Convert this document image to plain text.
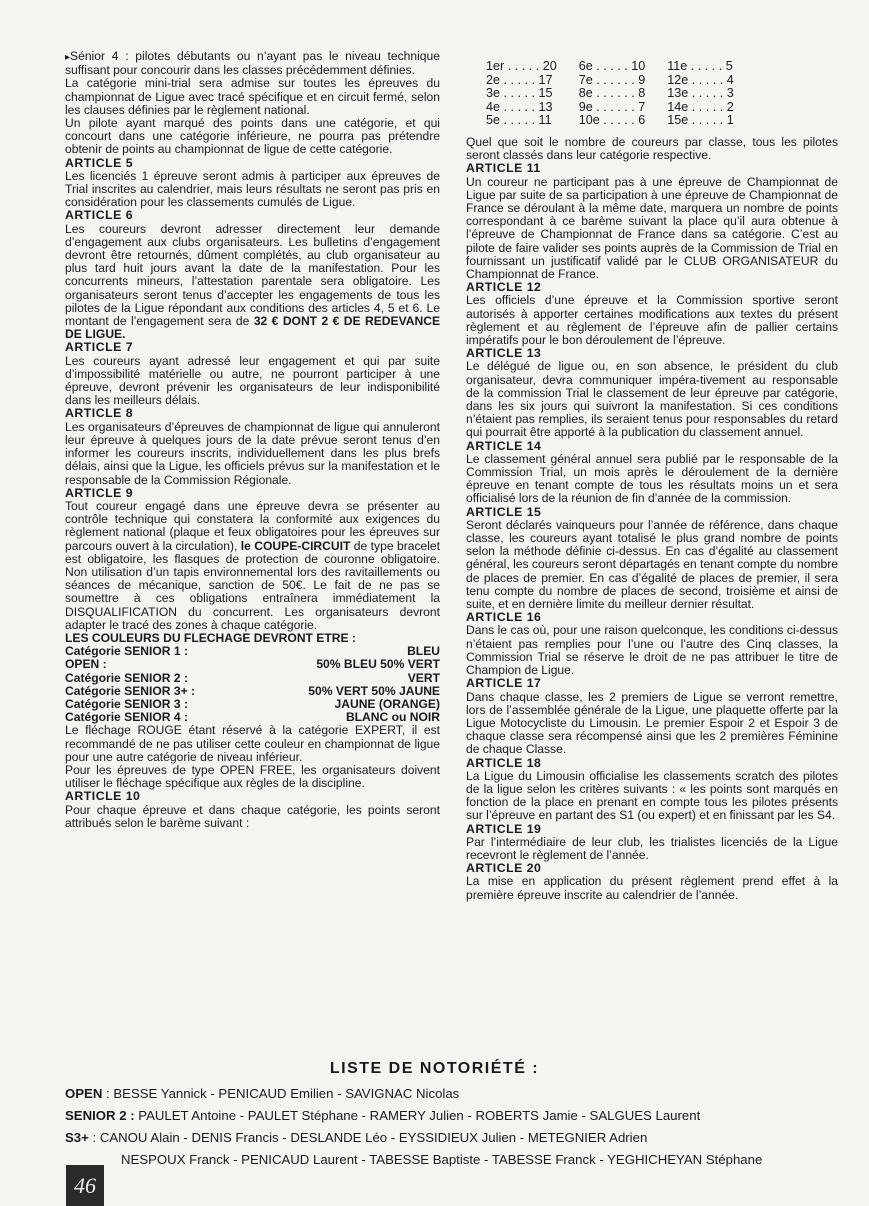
▸ Sénior 4 : pilotes débutants ou n’ayant pas le niveau technique suffisant pour concourir dans les classes précédemment définies.

La catégorie mini-trial sera admise sur toutes les épreuves du championnat de Ligue avec tracé spécifique et en circuit fermé, selon les clauses définies par le règlement national.

Un pilote ayant marqué des points dans une catégorie, et qui concourt dans une catégorie inférieure, ne pourra pas prétendre obtenir de points au championnat de ligue de cette catégorie.

ARTICLE 5

Les licenciés 1 épreuve seront admis à participer aux épreuves de Trial inscrites au calendrier, mais leurs résultats ne seront pas pris en considération pour les classements cumulés de Ligue.

ARTICLE 6

Les coureurs devront adresser directement leur demande d’engagement aux clubs organisateurs. Les bulletins d’engagement devront être retournés, dûment complétés, au club organisateur au plus tard huit jours avant la date de la manifestation. Pour les concurrents mineurs, l’attestation parentale sera obligatoire. Les organisateurs seront tenus d’accepter les engagements de tous les pilotes de la Ligue répondant aux conditions des articles 4, 5 et 6. Le montant de l’engagement sera de 32 € DONT 2 € DE REDEVANCE DE LIGUE.

ARTICLE 7

Les coureurs ayant adressé leur engagement et qui par suite d’impossibilité matérielle ou autre, ne pourront participer à une épreuve, devront prévenir les organisateurs de leur indisponibilité dans les meilleurs délais.

ARTICLE 8

Les organisateurs d’épreuves de championnat de ligue qui annuleront leur épreuve à quelques jours de la date prévue seront tenus d’en informer les coureurs inscrits, individuellement dans les plus brefs délais, ainsi que la Ligue, les officiels prévus sur la manifestation et le responsable de la Commission Régionale.

ARTICLE 9

Tout coureur engagé dans une épreuve devra se présenter au contrôle technique qui constatera la conformité aux exigences du règlement national (plaque et feux obligatoires pour les épreuves sur parcours ouvert à la circulation), le COUPE-CIRCUIT de type bracelet est obligatoire, les flasques de protection de couronne obligatoire. Non utilisation d’un tapis environnemental lors des ravitaillements ou séances de mécanique, sanction de 50€. Le fait de ne pas se soumettre à ces obligations entraînera immédiatement la DISQUALIFICATION du concurrent. Les organisateurs devront adapter le tracé des zones à chaque catégorie.

LES COULEURS DU FLECHAGE DEVRONT ETRE :

Catégorie SENIOR 1 :	BLEU
OPEN :	50% BLEU 50% VERT
Catégorie SENIOR 2 :	VERT
Catégorie SENIOR 3+ :	50% VERT 50% JAUNE
Catégorie SENIOR 3 :	JAUNE (ORANGE)
Catégorie SENIOR 4 :	BLANC ou NOIR

Le fléchage ROUGE étant réservé à la catégorie EXPERT, il est recommandé de ne pas utiliser cette couleur en championnat de ligue pour une autre catégorie de niveau inférieur.

Pour les épreuves de type OPEN FREE, les organisateurs doivent utiliser le fléchage spécifique aux règles de la discipline.

ARTICLE 10

Pour chaque épreuve et dans chaque catégorie, les points seront attribués selon le barème suivant :

1er . . . . . 20	6e . . . . . 10	11e . . . . . 5
2e . . . . . 17	7e . . . . . . 9	12e . . . . . 4
3e . . . . . 15	8e . . . . . . 8	13e . . . . . 3
4e . . . . . 13	9e . . . . . . 7	14e . . . . . 2
5e . . . . . 11	10e . . . . . 6	15e . . . . . 1

Quel que soit le nombre de coureurs par classe, tous les pilotes seront classés dans leur catégorie respective.

ARTICLE 11

Un coureur ne participant pas à une épreuve de Championnat de Ligue par suite de sa participation à une épreuve de Championnat de France se déroulant à la même date, marquera un nombre de points correspondant à ce barème suivant la place qu’il aura obtenue à l’épreuve de Championnat de France dans sa catégorie. C’est au pilote de faire valider ses points auprès de la Commission de Trial en fournissant un justificatif validé par le CLUB ORGANISATEUR du Championnat de France.

ARTICLE 12

Les officiels d’une épreuve et la Commission sportive seront autorisés à apporter certaines modifications aux textes du présent règlement et au règlement de l’épreuve afin de pallier certains impératifs pour le bon déroulement de l’épreuve.

ARTICLE 13

Le délégué de ligue ou, en son absence, le président du club organisateur, devra communiquer impéra-tivement au responsable de la commission Trial le classement de leur épreuve par catégorie, dans les six jours qui suivront la manifestation. Si ces conditions n’étaient pas remplies, ils seraient tenus pour responsables du retard qui pourrait être apporté à la publication du classement annuel.

ARTICLE 14

Le classement général annuel sera publié par le responsable de la Commission Trial, un mois après le déroulement de la dernière épreuve en tenant compte de tous les résultats moins un et sera officialisé lors de la réunion de fin d’année de la commission.

ARTICLE 15

Seront déclarés vainqueurs pour l’année de référence, dans chaque classe, les coureurs ayant totalisé le plus grand nombre de points selon la méthode définie ci-dessus. En cas d’égalité au classement général, les coureurs seront départagés en tenant compte du nombre de places de premier. En cas d’égalité de places de premier, il sera tenu compte du nombre de places de second, troisième et ainsi de suite, et en dernière limite du meilleur dernier résultat.

ARTICLE 16

Dans le cas où, pour une raison quelconque, les conditions ci-dessus n’étaient pas remplies pour l’une ou l’autre des Cinq classes, la Commission Trial se réserve le droit de ne pas attribuer le titre de Champion de Ligue.

ARTICLE 17

Dans chaque classe, les 2 premiers de Ligue se verront remettre, lors de l’assemblée générale de la Ligue, une plaquette offerte par la Ligue Motocycliste du Limousin. Le premier Espoir 2 et Espoir 3 de chaque classe sera récompensé ainsi que les 2 premières Féminine de chaque Classe.

ARTICLE 18

La Ligue du Limousin officialise les classements scratch des pilotes de la ligue selon les critères suivants : « les points sont marqués en fonction de la place en prenant en compte tous les pilotes présents sur l’épreuve en partant des S1 (ou expert) et en finissant par les S4.

ARTICLE 19

Par l’intermédiaire de leur club, les trialistes licenciés de la Ligue recevront le règlement de l’année.

ARTICLE 20

La mise en application du présent règlement prend effet à la première épreuve inscrite au calendrier de l’année.

LISTE DE NOTORIÉTÉ :
OPEN : BESSE Yannick - PENICAUD Emilien - SAVIGNAC Nicolas
SENIOR 2 : PAULET Antoine - PAULET Stéphane - RAMERY Julien - ROBERTS Jamie - SALGUES Laurent
S3+ : CANOU Alain - DENIS Francis - DESLANDE Léo - EYSSIDIEUX Julien - METEGNIER Adrien
NESPOUX Franck - PENICAUD Laurent - TABESSE Baptiste - TABESSE Franck - YEGHICHEYAN Stéphane
46
